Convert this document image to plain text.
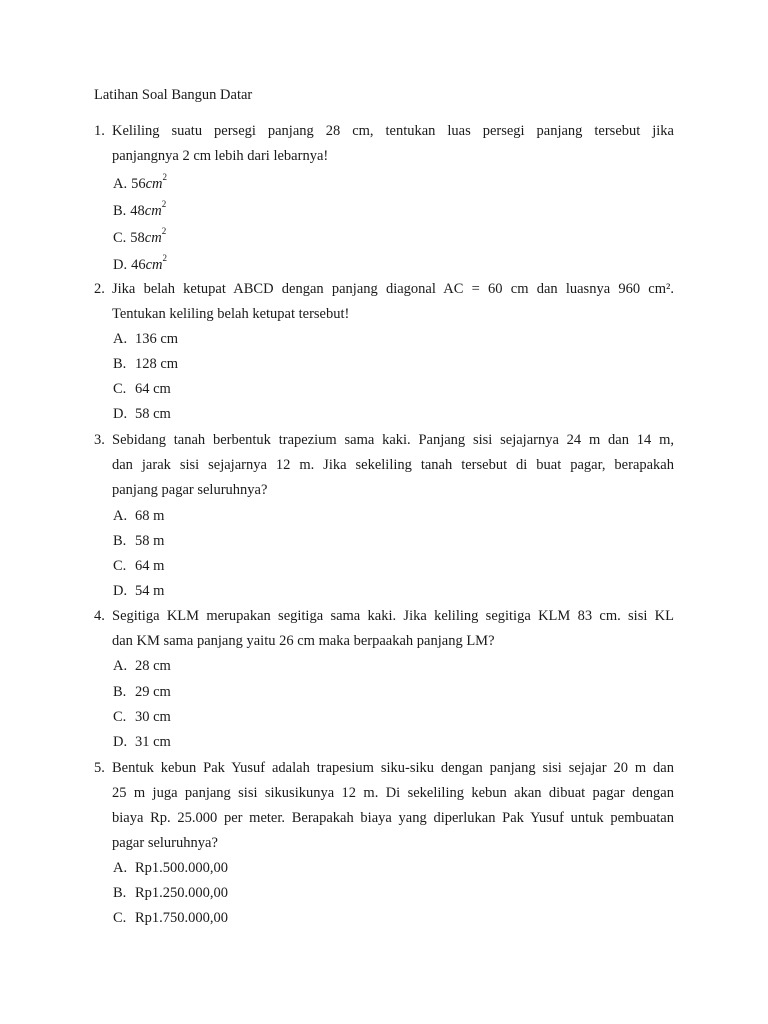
Latihan Soal Bangun Datar
1. Keliling suatu persegi panjang 28 cm, tentukan luas persegi panjang tersebut jika
panjangnya 2 cm lebih dari lebarnya!
A. $56cm^2$
B. $48cm^2$
C. $58cm^2$
D. $46cm^2$
2. Jika belah ketupat ABCD dengan panjang diagonal AC = 60 cm dan luasnya 960 cm².
Tentukan keliling belah ketupat tersebut!
A. 136 cm
B. 128 cm
C. 64 cm
D. 58 cm
3. Sebidang tanah berbentuk trapezium sama kaki. Panjang sisi sejajarnya 24 m dan 14 m,
dan jarak sisi sejajarnya 12 m. Jika sekeliling tanah tersebut di buat pagar, berapakah
panjang pagar seluruhnya?
A. 68 m
B. 58 m
C. 64 m
D. 54 m
4. Segitiga KLM merupakan segitiga sama kaki. Jika keliling segitiga KLM 83 cm. sisi KL
dan KM sama panjang yaitu 26 cm maka berpaakah panjang LM?
A. 28 cm
B. 29 cm
C. 30 cm
D. 31 cm
5. Bentuk kebun Pak Yusuf adalah trapesium siku-siku dengan panjang sisi sejajar 20 m dan
25 m juga panjang sisi sikusikunya 12 m. Di sekeliling kebun akan dibuat pagar dengan
biaya Rp. 25.000 per meter. Berapakah biaya yang diperlukan Pak Yusuf untuk pembuatan
pagar seluruhnya?
A. Rp1.500.000,00
B. Rp1.250.000,00
C. Rp1.750.000,00
